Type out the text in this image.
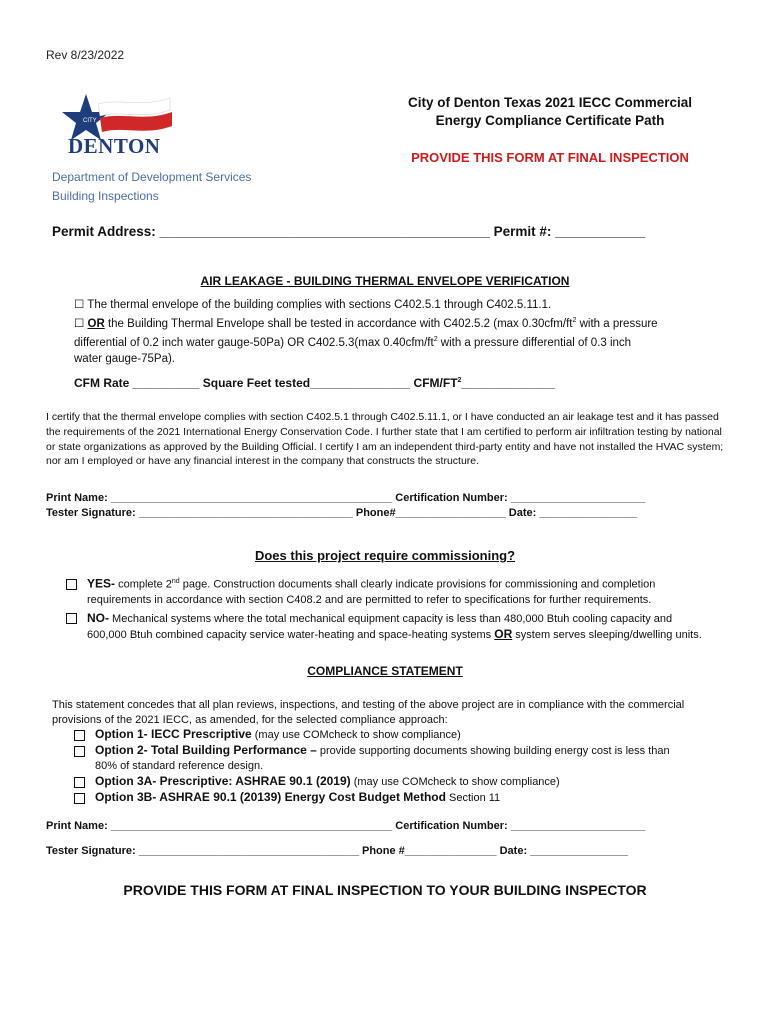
Rev 8/23/2022
CITY
DENTON
Department of Development Services
Building Inspections
City of Denton Texas 2021 IECC Commercial
Energy Compliance Certificate Path
PROVIDE THIS FORM AT FINAL INSPECTION
Permit Address: ____________________________________________ Permit #: ____________
AIR LEAKAGE - BUILDING THERMAL ENVELOPE VERIFICATION
☐ The thermal envelope of the building complies with sections C402.5.1 through C402.5.11.1.
☐ OR the Building Thermal Envelope shall be tested in accordance with C402.5.2 (max $0.30cfm/ft^2$ with a pressure
differential of 0.2 inch water gauge-50Pa) OR C402.5.3(max $0.40cfm/ft^2$ with a pressure differential of 0.3 inch
water gauge-75Pa).
CFM Rate __________ Square Feet tested_______________ CFM/$FT^2\_\_\_\_\_\_\_\_\_\_\_\_\_\_$
I certify that the thermal envelope complies with section C402.5.1 through C402.5.11.1, or I have conducted an air leakage test and it has passed the requirements of the 2021 International Energy Conservation Code. I further state that I am certified to perform air infiltration testing by national or state organizations as approved by the Building Official. I certify I am an independent third-party entity and have not installed the HVAC system; nor am I employed or have any financial interest in the company that constructs the structure.
Print Name: ______________________________________________ Certification Number: ______________________
Tester Signature: ___________________________________ Phone#__________________ Date: ________________
Does this project require commissioning?
YES- complete 2nd page. Construction documents shall clearly indicate provisions for commissioning and completion
requirements in accordance with section C408.2 and are permitted to refer to specifications for further requirements.
NO- Mechanical systems where the total mechanical equipment capacity is less than 480,000 Btuh cooling capacity and
600,000 Btuh combined capacity service water-heating and space-heating systems OR system serves sleeping/dwelling units.
COMPLIANCE STATEMENT
This statement concedes that all plan reviews, inspections, and testing of the above project are in compliance with the commercial
provisions of the 2021 IECC, as amended, for the selected compliance approach:
Option 1- IECC Prescriptive (may use COMcheck to show compliance)
Option 2- Total Building Performance – provide supporting documents showing building energy cost is less than
80% of standard reference design.
Option 3A- Prescriptive: ASHRAE 90.1 (2019) (may use COMcheck to show compliance)
Option 3B- ASHRAE 90.1 (20139) Energy Cost Budget Method Section 11
Print Name: ______________________________________________ Certification Number: ______________________
Tester Signature: ____________________________________ Phone #_______________ Date: ________________
PROVIDE THIS FORM AT FINAL INSPECTION TO YOUR BUILDING INSPECTOR
